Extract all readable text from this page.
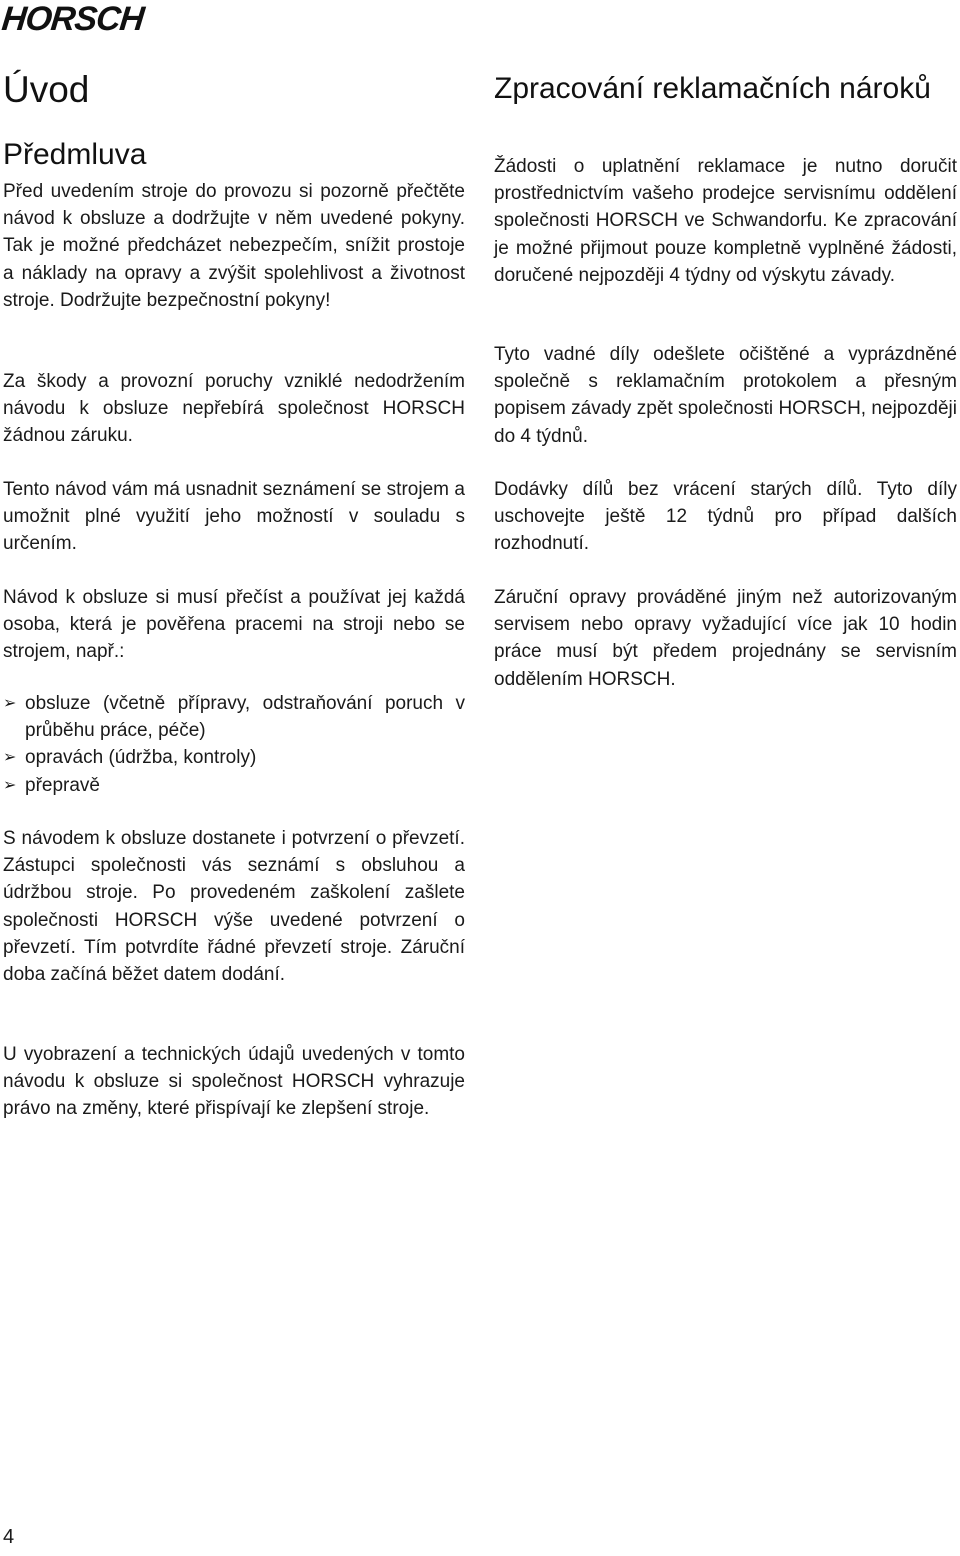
HORSCH
Úvod
Předmluva

Před uvedením stroje do provozu si pozorně přečtěte návod k obsluze a dodržujte v něm uvedené pokyny. Tak je možné předcházet nebezpečím, snížit prostoje a náklady na opravy a zvýšit spolehlivost a životnost stroje. Dodržujte bezpečnostní pokyny!

Za škody a provozní poruchy vzniklé nedodržením návodu k obsluze nepřebírá společnost HORSCH žádnou záruku.

Tento návod vám má usnadnit seznámení se strojem a umožnit plné využití jeho možností v souladu s určením.

Návod k obsluze si musí přečíst a používat jej každá osoba, která je pověřena pracemi na stroji nebo se strojem, např.:

➢ obsluze (včetně přípravy, odstraňování poruch v průběhu práce, péče)
➢ opravách (údržba, kontroly)
➢ přepravě

S návodem k obsluze dostanete i potvrzení o převzetí. Zástupci společnosti vás seznámí s obsluhou a údržbou stroje. Po provedeném zaškolení zašlete společnosti HORSCH výše uvedené potvrzení o převzetí. Tím potvrdíte řádné převzetí stroje. Záruční doba začíná běžet datem dodání.

U vyobrazení a technických údajů uvedených v tomto návodu k obsluze si společnost HORSCH vyhrazuje právo na změny, které přispívají ke zlepšení stroje.

Zpracování reklamačních nároků

Žádosti o uplatnění reklamace je nutno doručit prostřednictvím vašeho prodejce servisnímu oddělení společnosti HORSCH ve Schwandorfu. Ke zpracování je možné přijmout pouze kompletně vyplněné žádosti, doručené nejpozději 4 týdny od výskytu závady.

Tyto vadné díly odešlete očištěné a vyprázdněné společně s reklamačním protokolem a přesným popisem závady zpět společnosti HORSCH, nejpozději do 4 týdnů.

Dodávky dílů bez vrácení starých dílů. Tyto díly uschovejte ještě 12 týdnů pro případ dalších rozhodnutí.

Záruční opravy prováděné jiným než autorizovaným servisem nebo opravy vyžadující více jak 10 hodin práce musí být předem projednány se servisním oddělením HORSCH.

4
